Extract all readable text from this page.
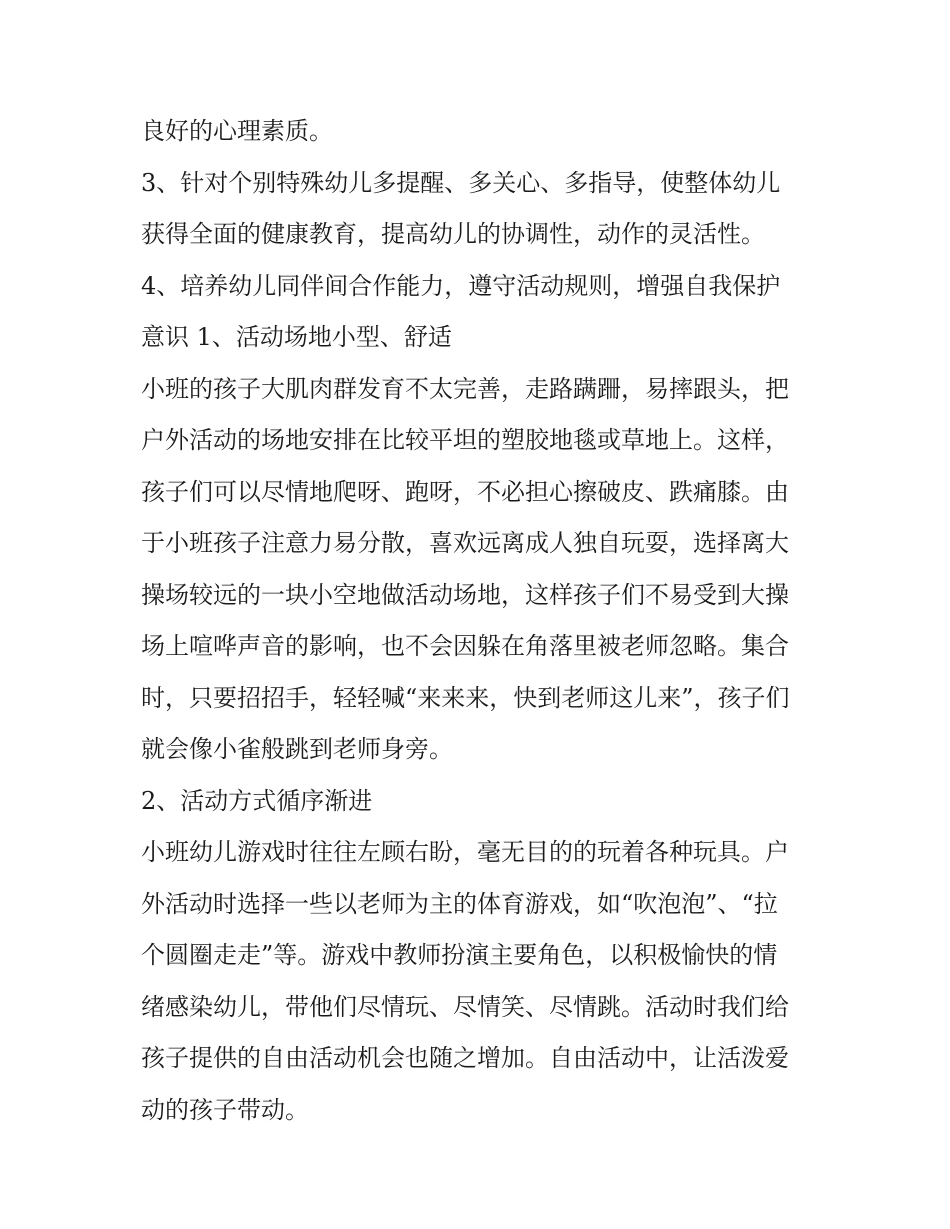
良好的心理素质。
3、针对个别特殊幼儿多提醒、多关心、多指导，使整体幼儿
获得全面的健康教育，提高幼儿的协调性，动作的灵活性。
4、培养幼儿同伴间合作能力，遵守活动规则，增强自我保护
意识 1、活动场地小型、舒适
小班的孩子大肌肉群发育不太完善，走路蹒跚，易摔跟头，把
户外活动的场地安排在比较平坦的塑胶地毯或草地上。这样，
孩子们可以尽情地爬呀、跑呀，不必担心擦破皮、跌痛膝。由
于小班孩子注意力易分散，喜欢远离成人独自玩耍，选择离大
操场较远的一块小空地做活动场地，这样孩子们不易受到大操
场上喧哗声音的影响，也不会因躲在角落里被老师忽略。集合
时，只要招招手，轻轻喊“来来来，快到老师这儿来”，孩子们
就会像小雀般跳到老师身旁。
2、活动方式循序渐进
小班幼儿游戏时往往左顾右盼，毫无目的的玩着各种玩具。户
外活动时选择一些以老师为主的体育游戏，如“吹泡泡”、“拉
个圆圈走走”等。游戏中教师扮演主要角色，以积极愉快的情
绪感染幼儿，带他们尽情玩、尽情笑、尽情跳。活动时我们给
孩子提供的自由活动机会也随之增加。自由活动中，让活泼爱
动的孩子带动。
